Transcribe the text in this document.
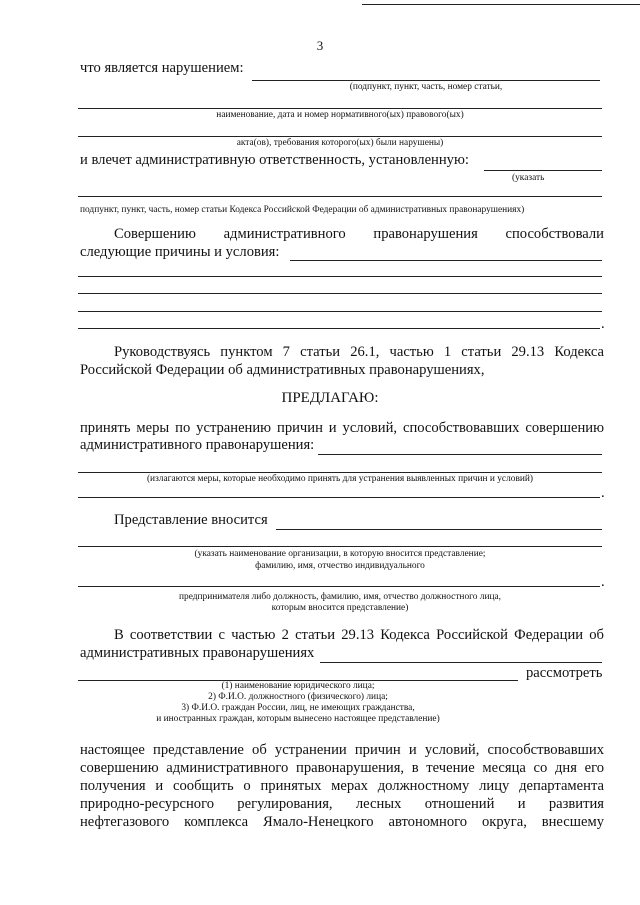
3
что является нарушением:
(подпункт, пункт, часть, номер статьи,
наименование, дата и номер нормативного(ых) правового(ых)
акта(ов), требования которого(ых) были нарушены)
и влечет административную ответственность, установленную:
(указать
подпункт, пункт, часть, номер статьи Кодекса Российской Федерации об административных правонарушениях)
Совершению административного правонарушения способствовали
следующие причины и условия:
.
Руководствуясь пунктом 7 статьи 26.1, частью 1 статьи 29.13 Кодекса
Российской Федерации об административных правонарушениях,
ПРЕДЛАГАЮ:
принять меры по устранению причин и условий, способствовавших совершению
административного правонарушения:
(излагаются меры, которые необходимо принять для устранения выявленных причин и условий)
.
Представление вносится
(указать наименование организации, в которую вносится представление;
фамилию, имя, отчество индивидуального
.
предпринимателя либо должность, фамилию, имя, отчество должностного лица,
которым вносится представление)
В соответствии с частью 2 статьи 29.13 Кодекса Российской Федерации об
административных правонарушениях
рассмотреть
(1) наименование юридического лица;
2) Ф.И.О. должностного (физического) лица;
3) Ф.И.О. граждан России, лиц, не имеющих гражданства,
и иностранных граждан, которым вынесено настоящее представление)
настоящее представление об устранении причин и условий, способствовавших
совершению административного правонарушения, в течение месяца со дня его
получения и сообщить о принятых мерах должностному лицу департамента
природно-ресурсного регулирования, лесных отношений и развития
нефтегазового комплекса Ямало-Ненецкого автономного округа, внесшему
